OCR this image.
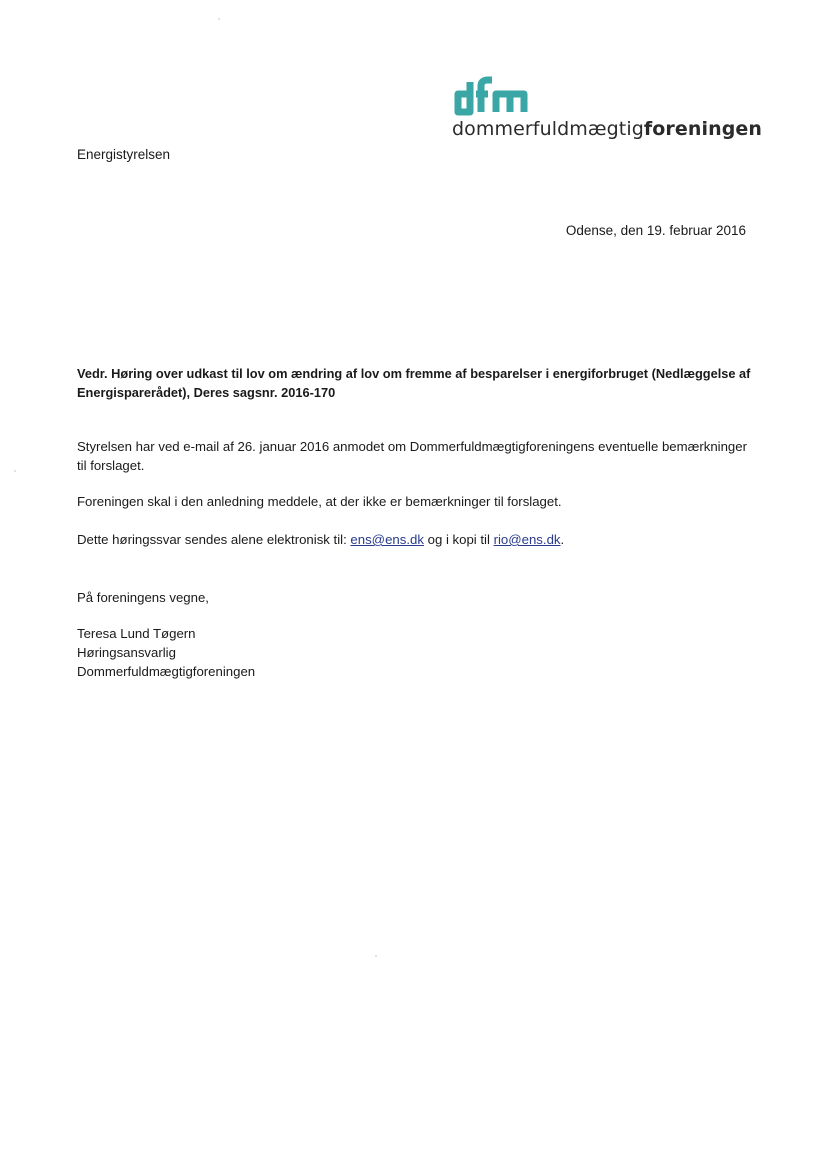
dommerfuldmægtigforeningen
Energistyrelsen
Odense, den 19. februar 2016
Vedr. Høring over udkast til lov om ændring af lov om fremme af besparelser i energiforbruget (Nedlæggelse af Energisparerådet), Deres sagsnr. 2016-170
Styrelsen har ved e-mail af 26. januar 2016 anmodet om Dommerfuldmægtigforeningens eventuelle bemærkninger til forslaget.
Foreningen skal i den anledning meddele, at der ikke er bemærkninger til forslaget.
Dette høringssvar sendes alene elektronisk til: ens@ens.dk og i kopi til rio@ens.dk.
På foreningens vegne,
Teresa Lund Tøgern
Høringsansvarlig
Dommerfuldmægtigforeningen
